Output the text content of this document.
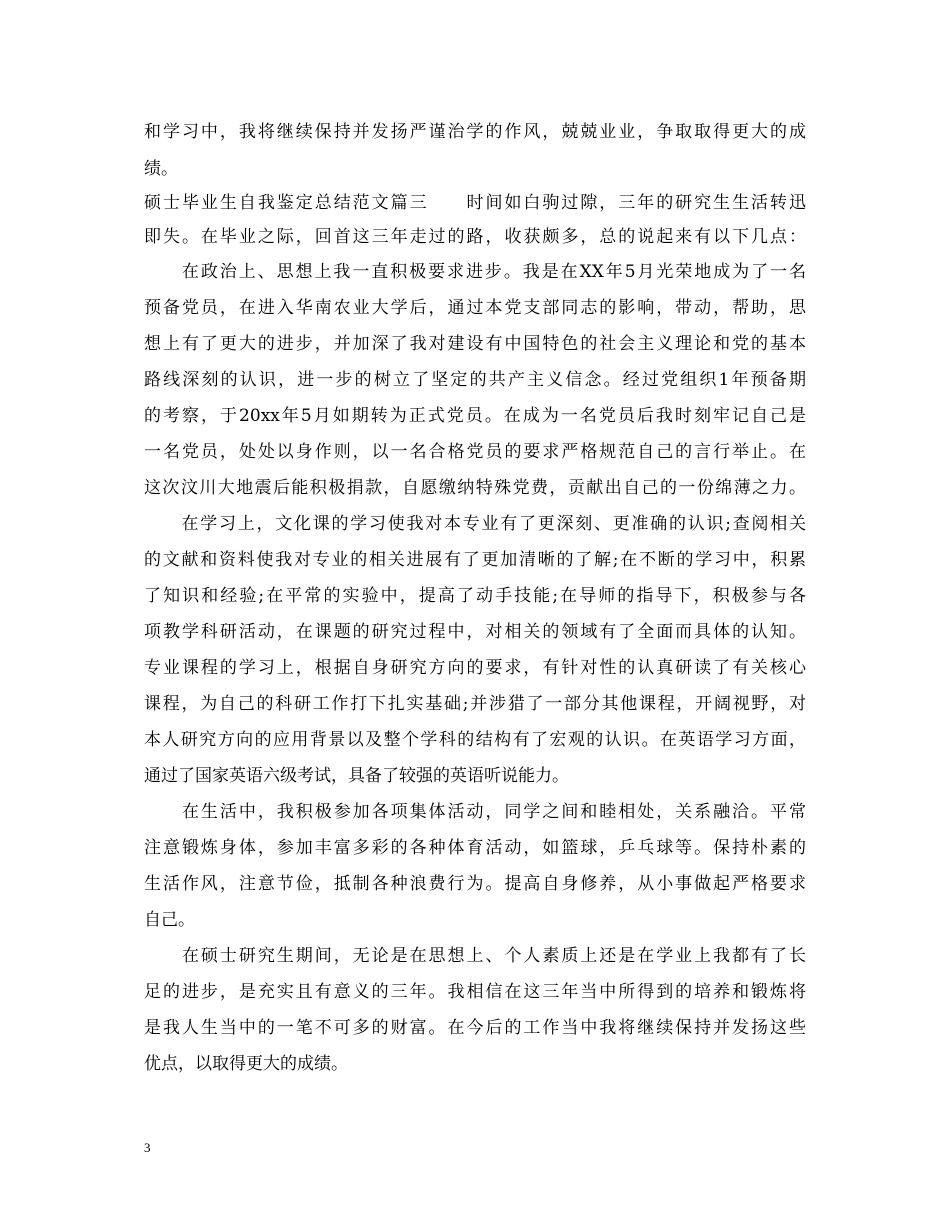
和学习中，我将继续保持并发扬严谨治学的作风，兢兢业业，争取取得更大的成
绩。
硕士毕业生自我鉴定总结范文篇三　　时间如白驹过隙，三年的研究生生活转迅
即失。在毕业之际，回首这三年走过的路，收获颇多，总的说起来有以下几点：
　　在政治上、思想上我一直积极要求进步。我是在XX年5月光荣地成为了一名
预备党员，在进入华南农业大学后，通过本党支部同志的影响，带动，帮助，思
想上有了更大的进步，并加深了我对建设有中国特色的社会主义理论和党的基本
路线深刻的认识，进一步的树立了坚定的共产主义信念。经过党组织1年预备期
的考察，于20xx年5月如期转为正式党员。在成为一名党员后我时刻牢记自己是
一名党员，处处以身作则，以一名合格党员的要求严格规范自己的言行举止。在
这次汶川大地震后能积极捐款，自愿缴纳特殊党费，贡献出自己的一份绵薄之力。
　　在学习上，文化课的学习使我对本专业有了更深刻、更准确的认识;查阅相关
的文献和资料使我对专业的相关进展有了更加清晰的了解;在不断的学习中，积累
了知识和经验;在平常的实验中，提高了动手技能;在导师的指导下，积极参与各
项教学科研活动，在课题的研究过程中，对相关的领域有了全面而具体的认知。
专业课程的学习上，根据自身研究方向的要求，有针对性的认真研读了有关核心
课程，为自己的科研工作打下扎实基础;并涉猎了一部分其他课程，开阔视野，对
本人研究方向的应用背景以及整个学科的结构有了宏观的认识。在英语学习方面，
通过了国家英语六级考试，具备了较强的英语听说能力。
　　在生活中，我积极参加各项集体活动，同学之间和睦相处，关系融洽。平常
注意锻炼身体，参加丰富多彩的各种体育活动，如篮球，乒乓球等。保持朴素的
生活作风，注意节俭，抵制各种浪费行为。提高自身修养，从小事做起严格要求
自己。
　　在硕士研究生期间，无论是在思想上、个人素质上还是在学业上我都有了长
足的进步，是充实且有意义的三年。我相信在这三年当中所得到的培养和锻炼将
是我人生当中的一笔不可多的财富。在今后的工作当中我将继续保持并发扬这些
优点，以取得更大的成绩。
3
